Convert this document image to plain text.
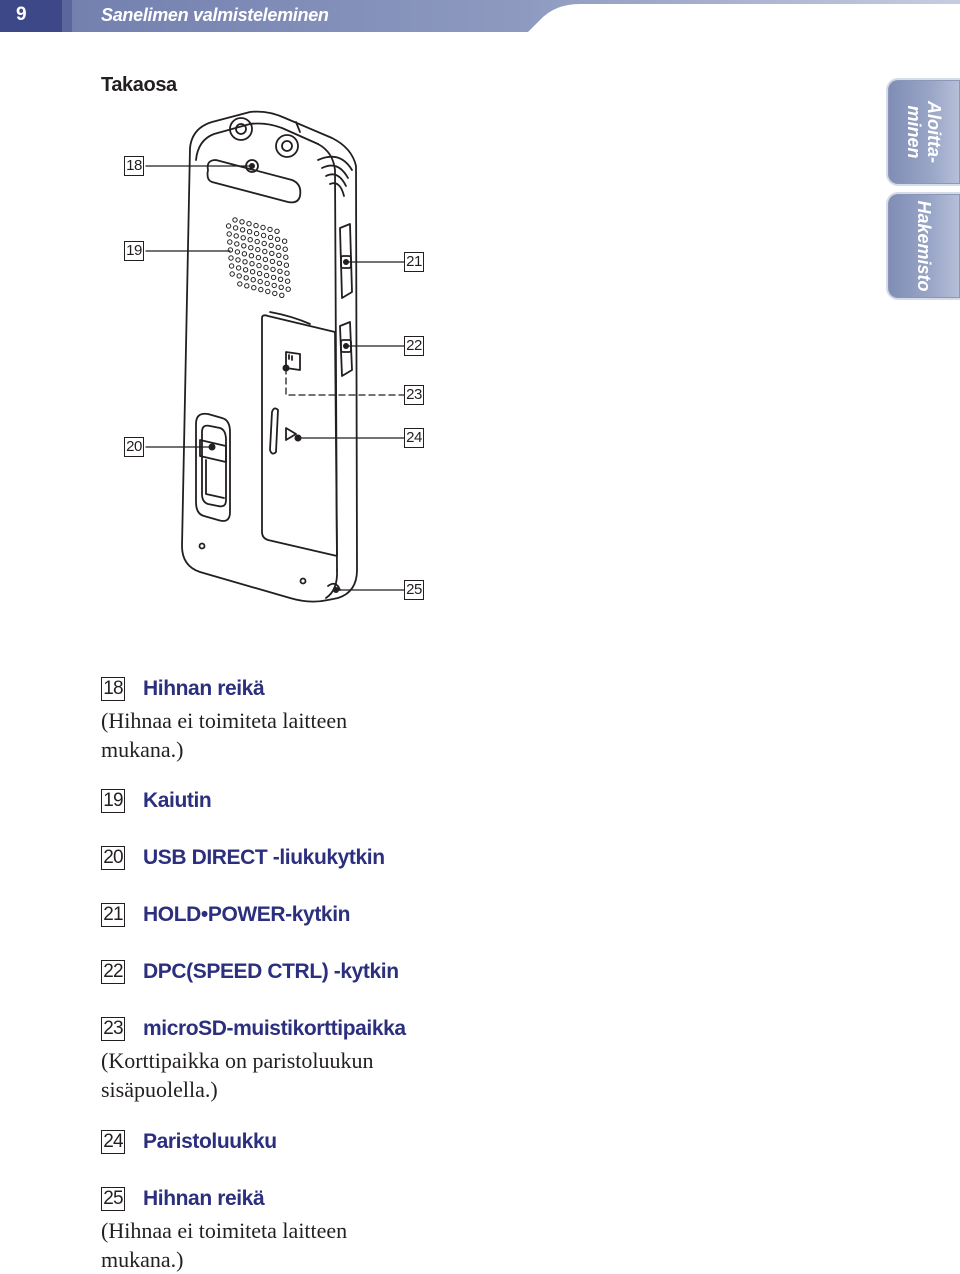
9	Sanelimen valmisteleminen
Aloitta-
minen
Hakemisto
Takaosa
18
19
20
21
22
23
24
25
18 Hihnan reikä
(Hihnaa ei toimiteta laitteen mukana.)
19 Kaiutin
20 USB DIRECT -liukukytkin
21 HOLD•POWER-kytkin
22 DPC(SPEED CTRL) -kytkin
23 microSD-muistikorttipaikka
(Korttipaikka on paristoluukun sisäpuolella.)
24 Paristoluukku
25 Hihnan reikä
(Hihnaa ei toimiteta laitteen mukana.)
